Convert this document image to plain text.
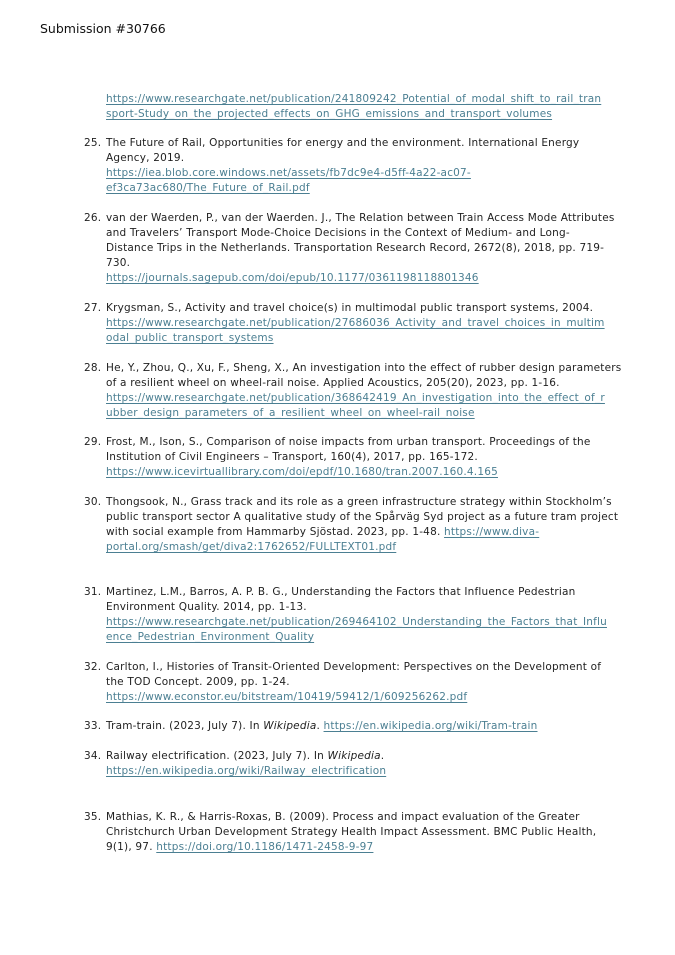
Submission #30766
https://www.researchgate.net/publication/241809242_Potential_of_modal_shift_to_rail_tran
sport-Study_on_the_projected_effects_on_GHG_emissions_and_transport_volumes
25. The Future of Rail, Opportunities for energy and the environment. International Energy
Agency, 2019.
https://iea.blob.core.windows.net/assets/fb7dc9e4-d5ff-4a22-ac07-
ef3ca73ac680/The_Future_of_Rail.pdf
26. van der Waerden, P., van der Waerden. J., The Relation between Train Access Mode Attributes
and Travelers’ Transport Mode-Choice Decisions in the Context of Medium- and Long-
Distance Trips in the Netherlands. Transportation Research Record, 2672(8), 2018, pp. 719-
730.
https://journals.sagepub.com/doi/epub/10.1177/0361198118801346
27. Krygsman, S., Activity and travel choice(s) in multimodal public transport systems, 2004.
https://www.researchgate.net/publication/27686036_Activity_and_travel_choices_in_multim
odal_public_transport_systems
28. He, Y., Zhou, Q., Xu, F., Sheng, X., An investigation into the effect of rubber design parameters
of a resilient wheel on wheel-rail noise. Applied Acoustics, 205(20), 2023, pp. 1-16.
https://www.researchgate.net/publication/368642419_An_investigation_into_the_effect_of_r
ubber_design_parameters_of_a_resilient_wheel_on_wheel-rail_noise
29. Frost, M., Ison, S., Comparison of noise impacts from urban transport. Proceedings of the
Institution of Civil Engineers – Transport, 160(4), 2017, pp. 165-172.
https://www.icevirtuallibrary.com/doi/epdf/10.1680/tran.2007.160.4.165
30. Thongsook, N., Grass track and its role as a green infrastructure strategy within Stockholm’s
public transport sector A qualitative study of the Spårväg Syd project as a future tram project
with social example from Hammarby Sjöstad. 2023, pp. 1-48. https://www.diva-
portal.org/smash/get/diva2:1762652/FULLTEXT01.pdf
31. Martinez, L.M., Barros, A. P. B. G., Understanding the Factors that Influence Pedestrian
Environment Quality. 2014, pp. 1-13.
https://www.researchgate.net/publication/269464102_Understanding_the_Factors_that_Influ
ence_Pedestrian_Environment_Quality
32. Carlton, I., Histories of Transit-Oriented Development: Perspectives on the Development of
the TOD Concept. 2009, pp. 1-24.
https://www.econstor.eu/bitstream/10419/59412/1/609256262.pdf
33. Tram-train. (2023, July 7). In Wikipedia. https://en.wikipedia.org/wiki/Tram-train
34. Railway electrification. (2023, July 7). In Wikipedia.
https://en.wikipedia.org/wiki/Railway_electrification
35. Mathias, K. R., & Harris-Roxas, B. (2009). Process and impact evaluation of the Greater
Christchurch Urban Development Strategy Health Impact Assessment. BMC Public Health,
9(1), 97. https://doi.org/10.1186/1471-2458-9-97
